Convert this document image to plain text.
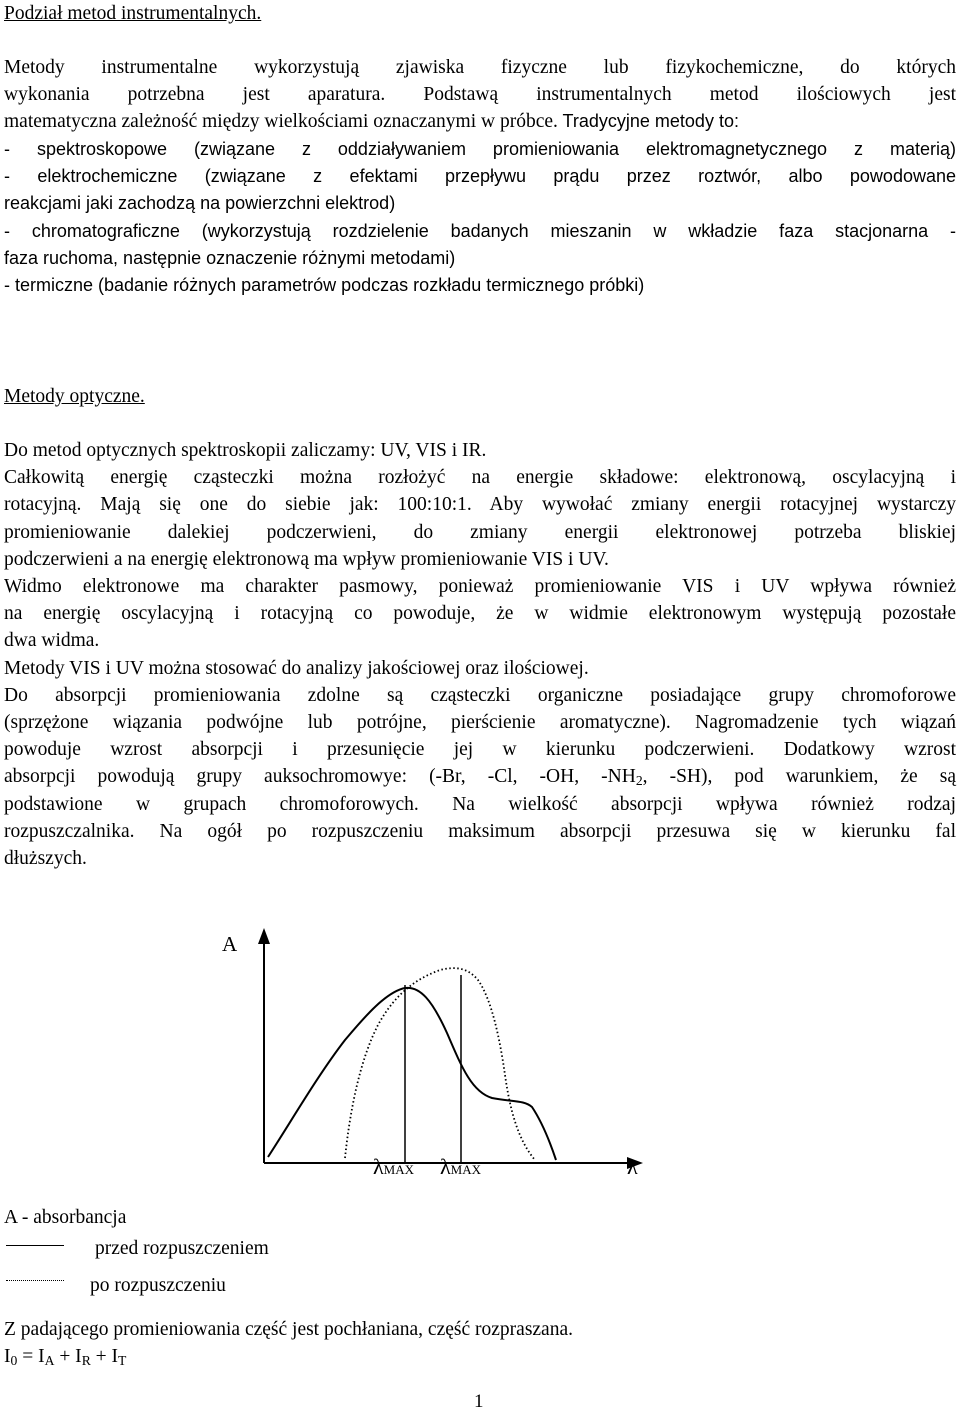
Podział metod instrumentalnych.

Metody instrumentalne wykorzystują zjawiska fizyczne lub fizykochemiczne, do których
wykonania potrzebna jest aparatura. Podstawą instrumentalnych metod ilościowych jest
matematyczna zależność między wielkościami oznaczanymi w próbce. Tradycyjne metody to:
- spektroskopowe (związane z oddziaływaniem promieniowania elektromagnetycznego z materią)
- elektrochemiczne (związane z efektami przepływu prądu przez roztwór, albo powodowane
reakcjami jaki zachodzą na powierzchni elektrod)
- chromatograficzne (wykorzystują rozdzielenie badanych mieszanin w wkładzie faza stacjonarna -
faza ruchoma, następnie oznaczenie różnymi metodami)
- termiczne (badanie różnych parametrów podczas rozkładu termicznego próbki)

Metody optyczne.

Do metod optycznych spektroskopii zaliczamy: UV, VIS i IR.
Całkowitą energię cząsteczki można rozłożyć na energie składowe: elektronową, oscylacyjną i
rotacyjną. Mają się one do siebie jak: 100:10:1. Aby wywołać zmiany energii rotacyjnej wystarczy
promieniowanie dalekiej podczerwieni, do zmiany energii elektronowej potrzeba bliskiej
podczerwieni a na energię elektronową ma wpływ promieniowanie VIS i UV.
Widmo elektronowe ma charakter pasmowy, ponieważ promieniowanie VIS i UV wpływa również
na energię oscylacyjną i rotacyjną co powoduje, że w widmie elektronowym występują pozostałe
dwa widma.
Metody VIS i UV można stosować do analizy jakościowej oraz ilościowej.
Do absorpcji promieniowania zdolne są cząsteczki organiczne posiadające grupy chromoforowe
(sprzężone wiązania podwójne lub potrójne, pierścienie aromatyczne). Nagromadzenie tych wiązań
powoduje wzrost absorpcji i przesunięcie jej w kierunku podczerwieni. Dodatkowy wzrost
absorpcji powodują grupy auksochromowye: (-Br, -Cl, -OH, $-NH_2$, -SH), pod warunkiem, że są
podstawione w grupach chromoforowych. Na wielkość absorpcji wpływa również rodzaj
rozpuszczalnika. Na ogół po rozpuszczeniu maksimum absorpcji przesuwa się w kierunku fal
dłuższych.
A
λMAX λMAX	λ
A - absorbancja
przed rozpuszczeniem
po rozpuszczeniu
Z padającego promieniowania część jest pochłaniana, część rozpraszana.
$I_0 = I_A + I_R + I_T$
1
